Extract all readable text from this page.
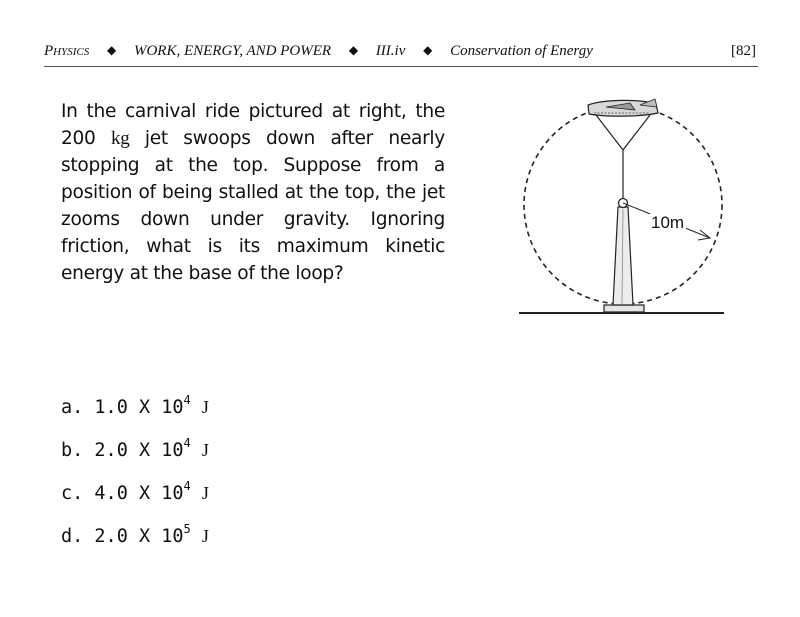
Physics ◆ WORK, ENERGY, AND POWER ◆ III.iv ◆ Conservation of Energy	[82]

In the carnival ride pictured at right, the 200 kg jet swoops down after nearly stopping at the top. Suppose from a position of being stalled at the top, the jet zooms down under gravity. Ignoring friction, what is its maximum kinetic energy at the base of the loop?

10m
a. 1.0 X $10^4$ J
b. 2.0 X $10^4$ J
c. 4.0 X $10^4$ J
d. 2.0 X $10^5$ J
